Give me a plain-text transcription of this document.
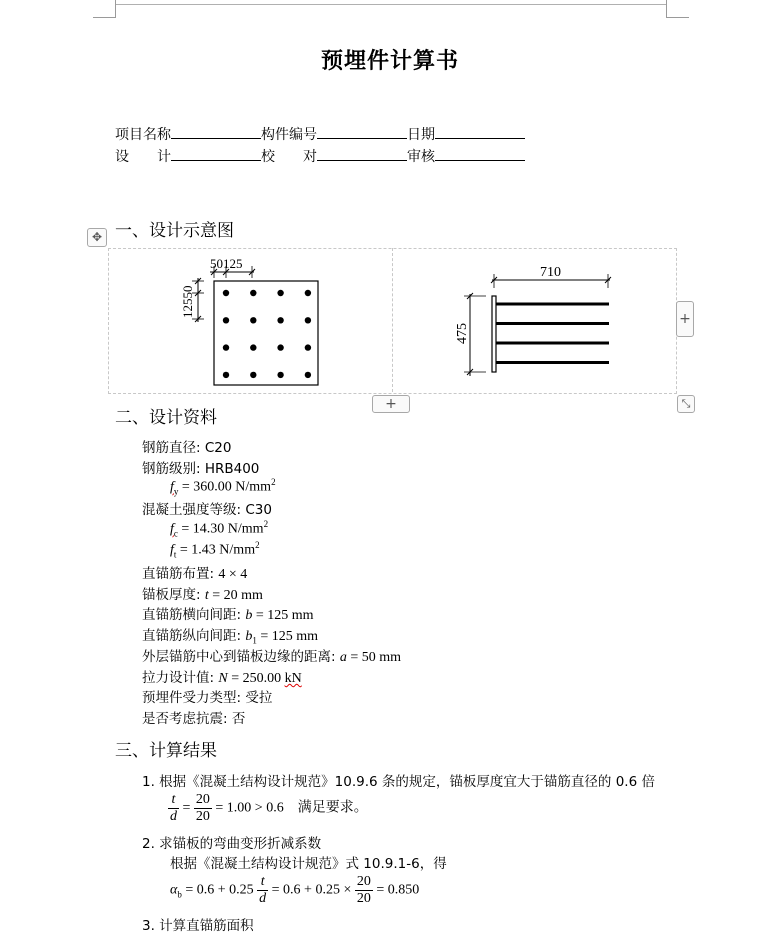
预埋件计算书
项目名称	构件编号	日期
设　　计	校　　对	审核
一、设计示意图
✥
50125
12550
710
475
+
+	⤡
二、设计资料
钢筋直径: C20
钢筋级别: HRB400
$f_y = 360.00$ $N/mm^2$
混凝土强度等级: C30
$f_c = 14.30$ $N/mm^2$
$f_t = 1.43$ $N/mm^2$
直锚筋布置: 4 × 4
锚板厚度: t = 20 mm
直锚筋横向间距: b = 125 mm
直锚筋纵向间距: $b_1 = 125$ mm
外层锚筋中心到锚板边缘的距离: a = 50 mm
拉力设计值: N = 250.00 kN
预埋件受力类型: 受拉
是否考虑抗震: 否
三、计算结果
1. 根据《混凝土结构设计规范》10.9.6 条的规定，锚板厚度宜大于锚筋直径的 0.6 倍
$\frac{t}{d} = \frac{20}{20} = 1.00 > 0.6$　满足要求。
2. 求锚板的弯曲变形折减系数
根据《混凝土结构设计规范》式 10.9.1-6，得
$\alpha_b = 0.6 + 0.25 \frac{t}{d} = 0.6 + 0.25 \times \frac{20}{20} = 0.850$
3. 计算直锚筋面积
